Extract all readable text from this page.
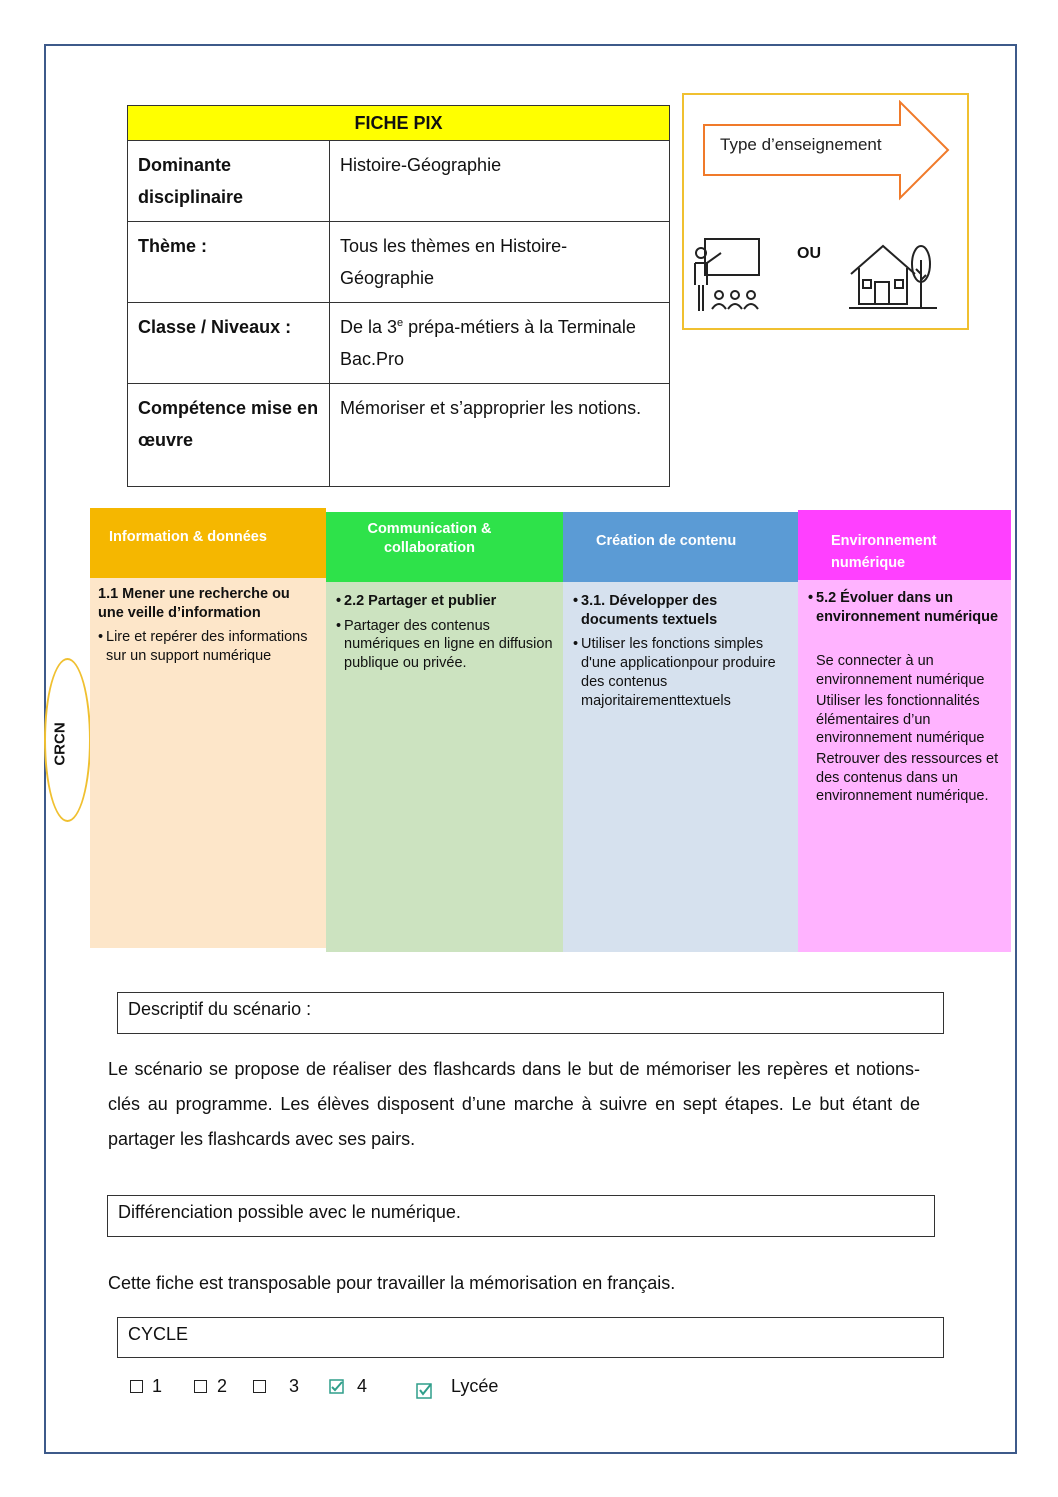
FICHE PIX	
Dominante disciplinaire	Histoire-Géographie
Thème :	Tous les thèmes en Histoire-Géographie
Classe / Niveaux :	De la 3e prépa-métiers à la Terminale Bac.Pro
Compétence mise en œuvre	Mémoriser et s’approprier les notions.
Type d’enseignement
OU
CRCN
Information & données
1.1 Mener une recherche ou une veille d’information
• Lire et repérer des informations sur un support numérique
Communication & collaboration
• 2.2 Partager et publier
• Partager des contenus numériques en ligne en diffusion publique ou privée.
Création de contenu
• 3.1. Développer des documents textuels
• Utiliser les fonctions simples d'une applicationpour produire des contenus majoritairementtextuels
Environnement numérique
• 5.2 Évoluer dans un environnement numérique
Se connecter à un environnement numérique
Utiliser les fonctionnalités élémentaires d’un environnement numérique
Retrouver des ressources et des contenus dans un environnement numérique.
Descriptif du scénario :
Le scénario se propose de réaliser des flashcards dans le but de mémoriser les repères et notions-clés au programme. Les élèves disposent d’une marche à suivre en sept étapes. Le but étant de partager les flashcards avec ses pairs.
Différenciation possible avec le numérique.
Cette fiche est transposable pour travailler la mémorisation en français.
CYCLE
1	2	3	4	Lycée
